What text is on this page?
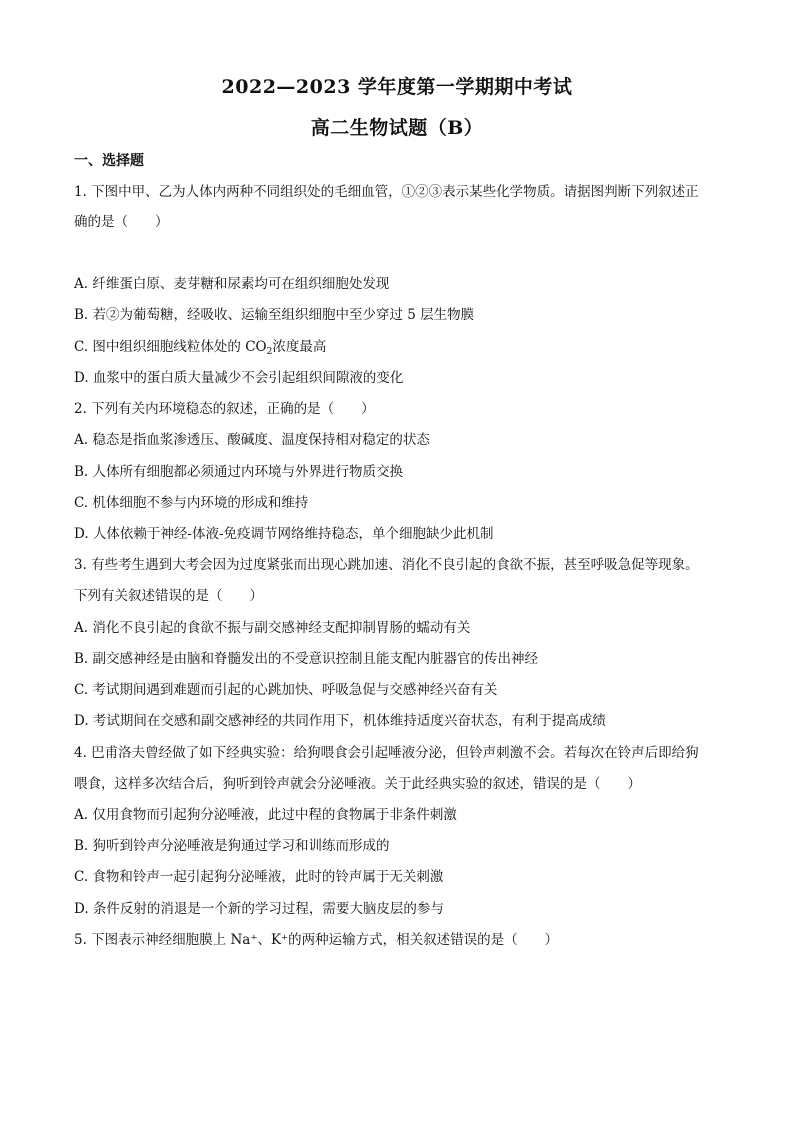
2022—2023 学年度第一学期期中考试
高二生物试题（B）
一、选择题
1. 下图中甲、乙为人体内两种不同组织处的毛细血管，①②③表示某些化学物质。请据图判断下列叙述正
确的是（　　）
A. 纤维蛋白原、麦芽糖和尿素均可在组织细胞处发现
B. 若②为葡萄糖，经吸收、运输至组织细胞中至少穿过 5 层生物膜
C. 图中组织细胞线粒体处的 $CO_2$浓度最高
D. 血浆中的蛋白质大量减少不会引起组织间隙液的变化
2. 下列有关内环境稳态的叙述，正确的是（　　）
A. 稳态是指血浆渗透压、酸碱度、温度保持相对稳定的状态
B. 人体所有细胞都必须通过内环境与外界进行物质交换
C. 机体细胞不参与内环境的形成和维持
D. 人体依赖于神经-体液-免疫调节网络维持稳态，单个细胞缺少此机制
3. 有些考生遇到大考会因为过度紧张而出现心跳加速、消化不良引起的食欲不振，甚至呼吸急促等现象。
下列有关叙述错误的是（　　）
A. 消化不良引起的食欲不振与副交感神经支配抑制胃肠的蠕动有关
B. 副交感神经是由脑和脊髓发出的不受意识控制且能支配内脏器官的传出神经
C. 考试期间遇到难题而引起的心跳加快、呼吸急促与交感神经兴奋有关
D. 考试期间在交感和副交感神经的共同作用下，机体维持适度兴奋状态，有利于提高成绩
4. 巴甫洛夫曾经做了如下经典实验：给狗喂食会引起唾液分泌，但铃声刺激不会。若每次在铃声后即给狗
喂食，这样多次结合后，狗听到铃声就会分泌唾液。关于此经典实验的叙述，错误的是（　　）
A. 仅用食物而引起狗分泌唾液，此过中程的食物属于非条件刺激
B. 狗听到铃声分泌唾液是狗通过学习和训练而形成的
C. 食物和铃声一起引起狗分泌唾液，此时的铃声属于无关刺激
D. 条件反射的消退是一个新的学习过程，需要大脑皮层的参与
5. 下图表示神经细胞膜上 Na⁺、K⁺的两种运输方式，相关叙述错误的是（　　）
